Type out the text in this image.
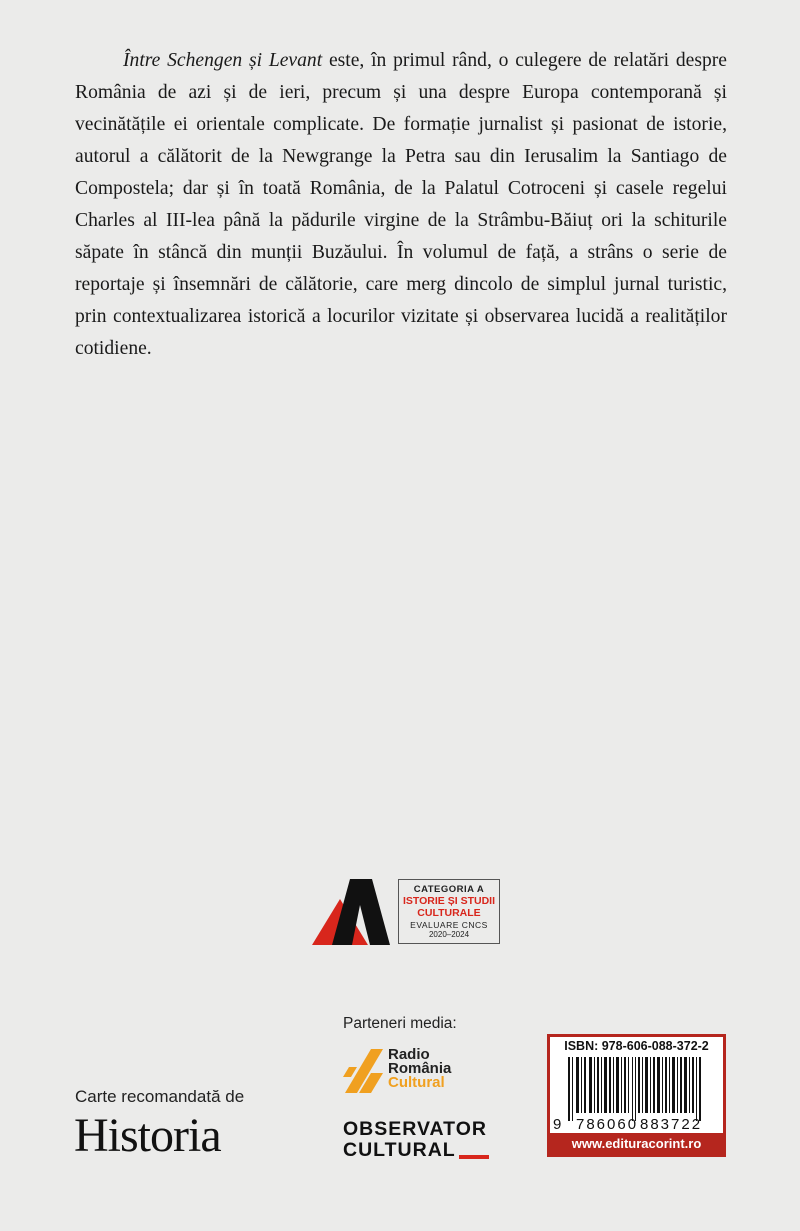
Între Schengen și Levant este, în primul rând, o culegere de relatări despre România de azi și de ieri, precum și una despre Europa contemporană și vecinătățile ei orientale complicate. De formație jurnalist și pasionat de istorie, autorul a călătorit de la Newgrange la Petra sau din Ierusalim la Santiago de Compostela; dar și în toată România, de la Palatul Cotroceni și casele regelui Charles al III-lea până la pădurile virgine de la Strâmbu-Băiuț ori la schiturile săpate în stâncă din munții Buzăului. În volumul de față, a strâns o serie de reportaje și însemnări de călătorie, care merg dincolo de simplul jurnal turistic, prin contextualizarea istorică a locurilor vizitate și observarea lucidă a realităților cotidiene.

CATEGORIA A
ISTORIE ȘI STUDII
CULTURALE
EVALUARE CNCS
2020–2024
Parteneri media:
Radio
România
Cultural
OBSERVATOR
CULTURAL
Carte recomandată de
Historia
ISBN: 978-606-088-372-2
9 786060 883722
www.edituracorint.ro
